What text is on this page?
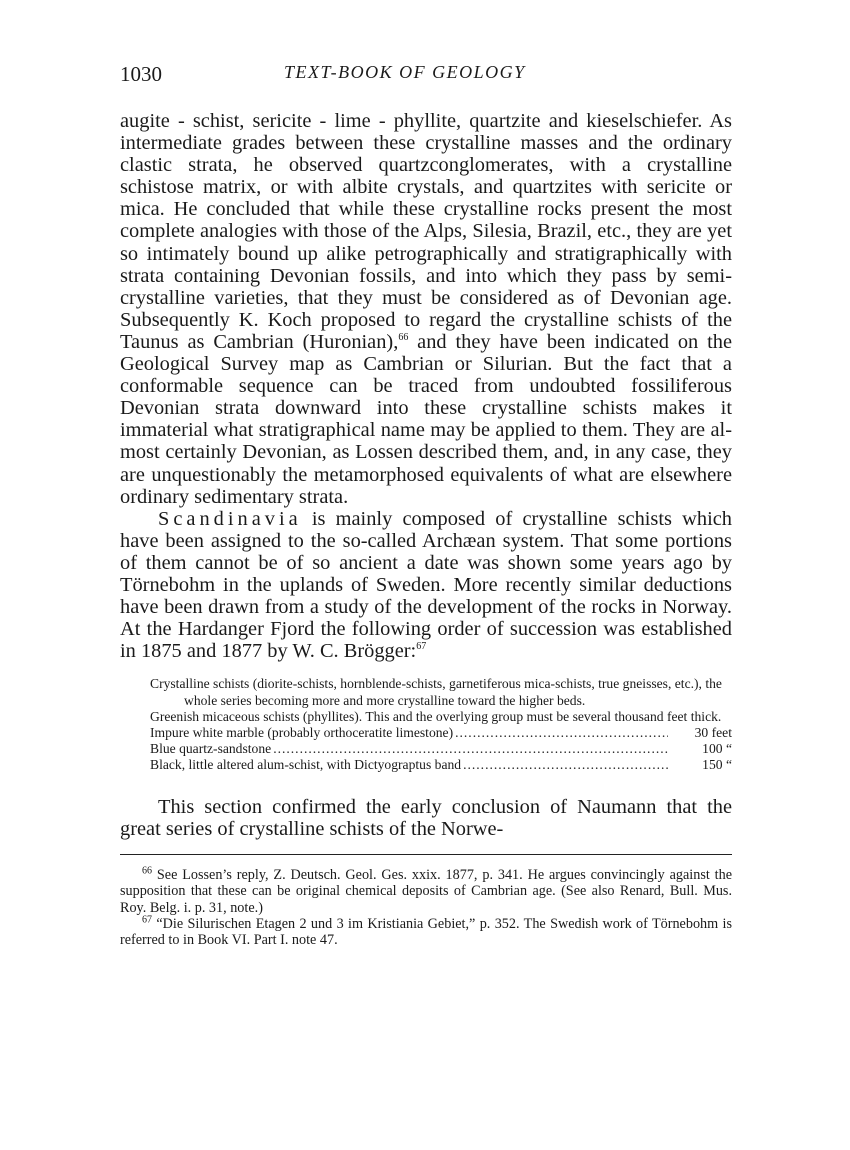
1030	TEXT-BOOK OF GEOLOGY

augite - schist, sericite - lime - phyllite, quartzite and kieselschiefer. As intermediate grades between these crystalline masses and the ordinary clastic strata, he observed quartzconglomerates, with a crystalline schistose matrix, or with albite crystals, and quartzites with sericite or mica. He concluded that while these crystalline rocks present the most complete analogies with those of the Alps, Silesia, Brazil, etc., they are yet so intimately bound up alike petrographically and stratigraphically with strata containing Devonian fossils, and into which they pass by semi-crystalline varieties, that they must be considered as of Devonian age. Subsequently K. Koch proposed to regard the crystalline schists of the Taunus as Cambrian (Huronian),$^{66}$ and they have been indicated on the Geological Survey map as Cambrian or Silurian. But the fact that a conformable sequence can be traced from undoubted fossiliferous Devonian strata downward into these crystalline schists makes it immaterial what stratigraphical name may be applied to them. They are almost certainly Devonian, as Lossen described them, and, in any case, they are unquestionably the metamorphosed equivalents of what are elsewhere ordinary sedimentary strata.

Scandinavia is mainly composed of crystalline schists which have been assigned to the so-called Archæan system. That some portions of them cannot be of so ancient a date was shown some years ago by Törnebohm in the uplands of Sweden. More recently similar deductions have been drawn from a study of the development of the rocks in Norway. At the Hardanger Fjord the following order of succession was established in 1875 and 1877 by W. C. Brögger:$^{67}$

Crystalline schists (diorite-schists, hornblende-schists, garnetiferous mica-schists, true gneisses, etc.), the whole series becoming more and more crystalline toward the higher beds.
Greenish micaceous schists (phyllites). This and the overlying group must be several thousand feet thick.
Impure white marble (probably orthoceratite limestone) .....	30 feet
Blue quartz-sandstone .....	100 “
Black, little altered alum-schist, with Dictyograptus band .....	150 “

This section confirmed the early conclusion of Naumann that the great series of crystalline schists of the Norwe-

$^{66}$ See Lossen’s reply, Z. Deutsch. Geol. Ges. xxix. 1877, p. 341. He argues convincingly against the supposition that these can be original chemical deposits of Cambrian age. (See also Renard, Bull. Mus. Roy. Belg. i. p. 31, note.)

$^{67}$ “Die Silurischen Etagen 2 und 3 im Kristiania Gebiet,” p. 352. The Swedish work of Törnebohm is referred to in Book VI. Part I. note 47.
